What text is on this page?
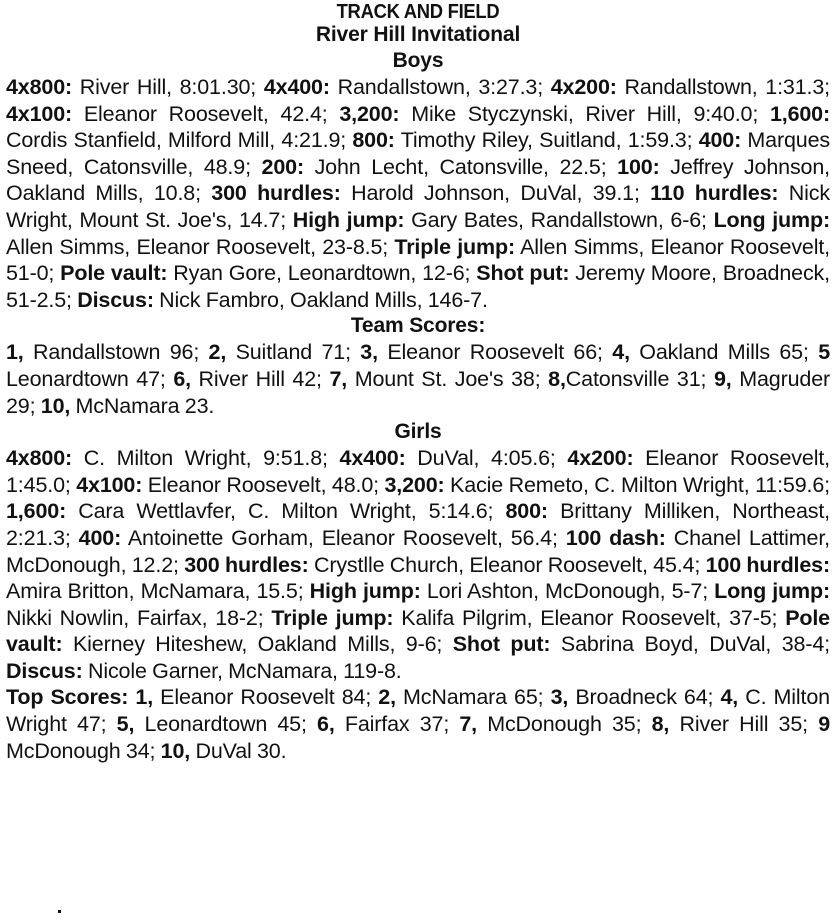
TRACK AND FIELD
River Hill Invitational
Boys

4x800: River Hill, 8:01.30; 4x400: Randallstown, 3:27.3; 4x200: Randallstown, 1:31.3; 4x100: Eleanor Roosevelt, 42.4; 3,200: Mike Styczynski, River Hill, 9:40.0; 1,600: Cordis Stanfield, Milford Mill, 4:21.9; 800: Timothy Riley, Suitland, 1:59.3; 400: Marques Sneed, Catonsville, 48.9; 200: John Lecht, Catonsville, 22.5; 100: Jeffrey Johnson, Oakland Mills, 10.8; 300 hurdles: Harold Johnson, DuVal, 39.1; 110 hurdles: Nick Wright, Mount St. Joe's, 14.7; High jump: Gary Bates, Randallstown, 6-6; Long jump: Allen Simms, Eleanor Roosevelt, 23-8.5; Triple jump: Allen Simms, Eleanor Roosevelt, 51-0; Pole vault: Ryan Gore, Leonardtown, 12-6; Shot put: Jeremy Moore, Broadneck, 51-2.5; Discus: Nick Fambro, Oakland Mills, 146-7.

Team Scores:

1, Randallstown 96; 2, Suitland 71; 3, Eleanor Roosevelt 66; 4, Oakland Mills 65; 5 Leonardtown 47; 6, River Hill 42; 7, Mount St. Joe's 38; 8,Catonsville 31; 9, Magruder 29; 10, McNamara 23.

Girls

4x800: C. Milton Wright, 9:51.8; 4x400: DuVal, 4:05.6; 4x200: Eleanor Roosevelt, 1:45.0; 4x100: Eleanor Roosevelt, 48.0; 3,200: Kacie Remeto, C. Milton Wright, 11:59.6; 1,600: Cara Wettlavfer, C. Milton Wright, 5:14.6; 800: Brittany Milliken, Northeast, 2:21.3; 400: Antoinette Gorham, Eleanor Roosevelt, 56.4; 100 dash: Chanel Lattimer, McDonough, 12.2; 300 hurdles: Crystlle Church, Eleanor Roosevelt, 45.4; 100 hurdles: Amira Britton, McNamara, 15.5; High jump: Lori Ashton, McDonough, 5-7; Long jump: Nikki Nowlin, Fairfax, 18-2; Triple jump: Kalifa Pilgrim, Eleanor Roosevelt, 37-5; Pole vault: Kierney Hiteshew, Oakland Mills, 9-6; Shot put: Sabrina Boyd, DuVal, 38-4; Discus: Nicole Garner, McNamara, 119-8.

Top Scores: 1, Eleanor Roosevelt 84; 2, McNamara 65; 3, Broadneck 64; 4, C. Milton Wright 47; 5, Leonardtown 45; 6, Fairfax 37; 7, McDonough 35; 8, River Hill 35; 9 McDonough 34; 10, DuVal 30.
